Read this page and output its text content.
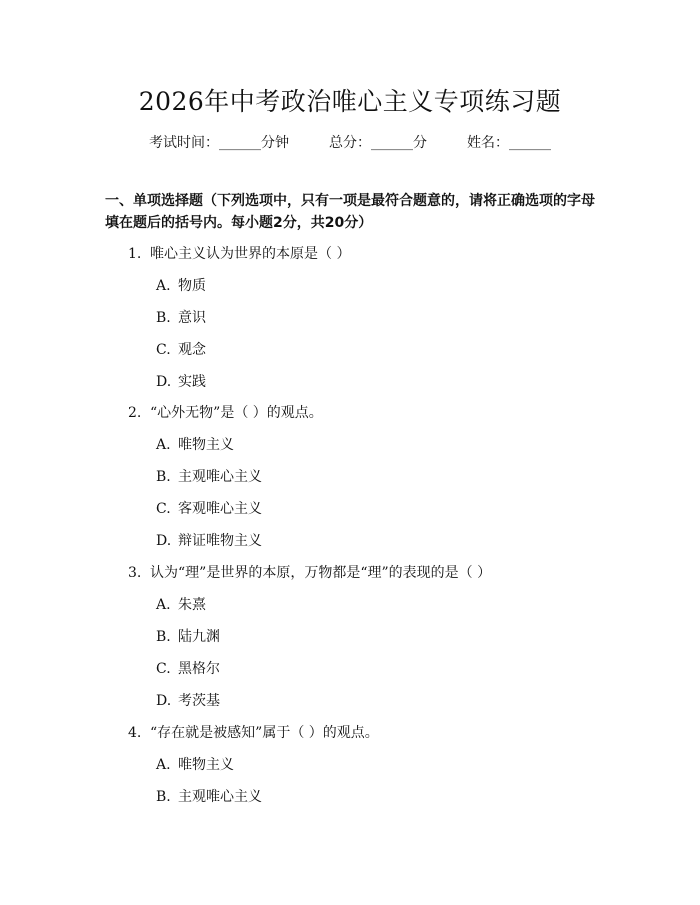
2026年中考政治唯心主义专项练习题
考试时间：______分钟	总分：______分	姓名：______
一、单项选择题（下列选项中，只有一项是最符合题意的，请将正确选项的字母填在题后的括号内。每小题2分，共20分）
1. 唯心主义认为世界的本原是（ ）
A. 物质
B. 意识
C. 观念
D. 实践
2. “心外无物”是（ ）的观点。
A. 唯物主义
B. 主观唯心主义
C. 客观唯心主义
D. 辩证唯物主义
3. 认为“理”是世界的本原，万物都是“理”的表现的是（ ）
A. 朱熹
B. 陆九渊
C. 黑格尔
D. 考茨基
4. “存在就是被感知”属于（ ）的观点。
A. 唯物主义
B. 主观唯心主义
